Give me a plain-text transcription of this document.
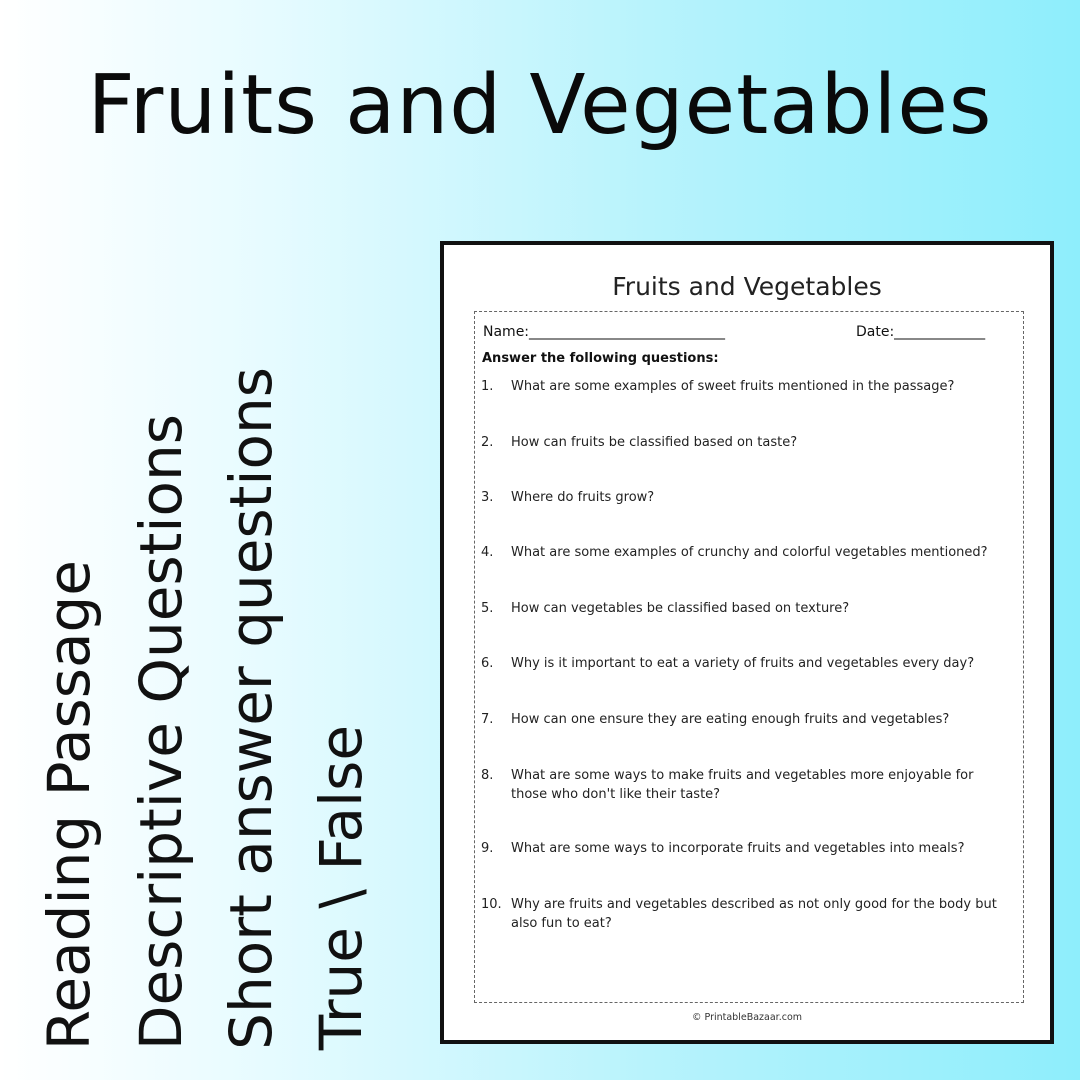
Fruits and Vegetables
Reading Passage Descriptive Questions Short answer questions True \ False
Fruits and Vegetables
Name:____________________________	Date:_____________
Answer the following questions:
1.	What are some examples of sweet fruits mentioned in the passage?
2.	How can fruits be classified based on taste?
3.	Where do fruits grow?
4.	What are some examples of crunchy and colorful vegetables mentioned?
5.	How can vegetables be classified based on texture?
6.	Why is it important to eat a variety of fruits and vegetables every day?
7.	How can one ensure they are eating enough fruits and vegetables?
8.	What are some ways to make fruits and vegetables more enjoyable for those who don't like their taste?
9.	What are some ways to incorporate fruits and vegetables into meals?
10. Why are fruits and vegetables described as not only good for the body but also fun to eat?
© PrintableBazaar.com
